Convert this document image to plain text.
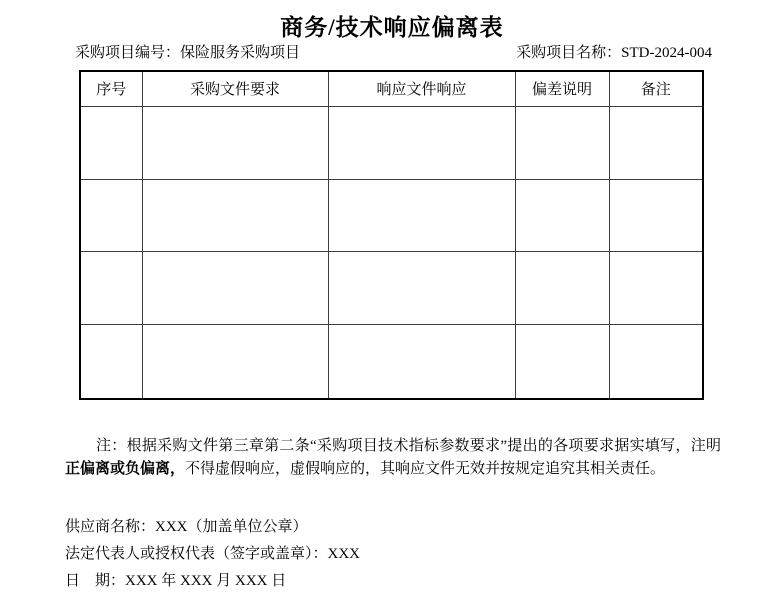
商务/技术响应偏离表
采购项目编号：保险服务采购项目	采购项目名称：STD-2024-004
序号	采购文件要求	响应文件响应	偏差说明	备注

注：根据采购文件第三章第二条“采购项目技术指标参数要求”提出的各项要求据实填写，注明正偏离或负偏离，不得虚假响应，虚假响应的，其响应文件无效并按规定追究其相关责任。

供应商名称：XXX（加盖单位公章）
法定代表人或授权代表（签字或盖章）：XXX
日　期：XXX 年 XXX 月 XXX 日
